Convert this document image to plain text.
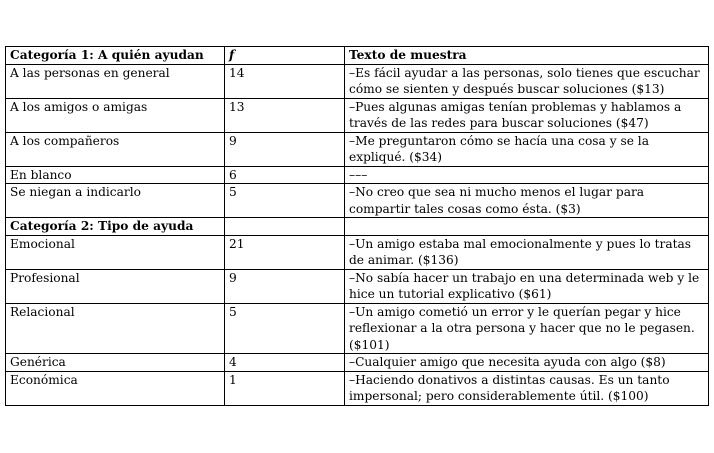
Categoría 1: A quién ayudan	f	Texto de muestra
A las personas en general	14	–Es fácil ayudar a las personas, solo tienes que escuchar cómo se sienten y después buscar soluciones ($13)
A los amigos o amigas	13	–Pues algunas amigas tenían problemas y hablamos a través de las redes para buscar soluciones ($47)
A los compañeros	9	–Me preguntaron cómo se hacía una cosa y se la expliqué. ($34)
En blanco	6	–––
Se niegan a indicarlo	5	–No creo que sea ni mucho menos el lugar para compartir tales cosas como ésta. ($3)
Categoría 2: Tipo de ayuda		
Emocional	21	–Un amigo estaba mal emocionalmente y pues lo tratas de animar. ($136)
Profesional	9	–No sabía hacer un trabajo en una determinada web y le hice un tutorial explicativo ($61)
Relacional	5	–Un amigo cometió un error y le querían pegar y hice reflexionar a la otra persona y hacer que no le pegasen. ($101)
Genérica	4	–Cualquier amigo que necesita ayuda con algo ($8)
Económica	1	–Haciendo donativos a distintas causas. Es un tanto impersonal; pero considerablemente útil. ($100)
